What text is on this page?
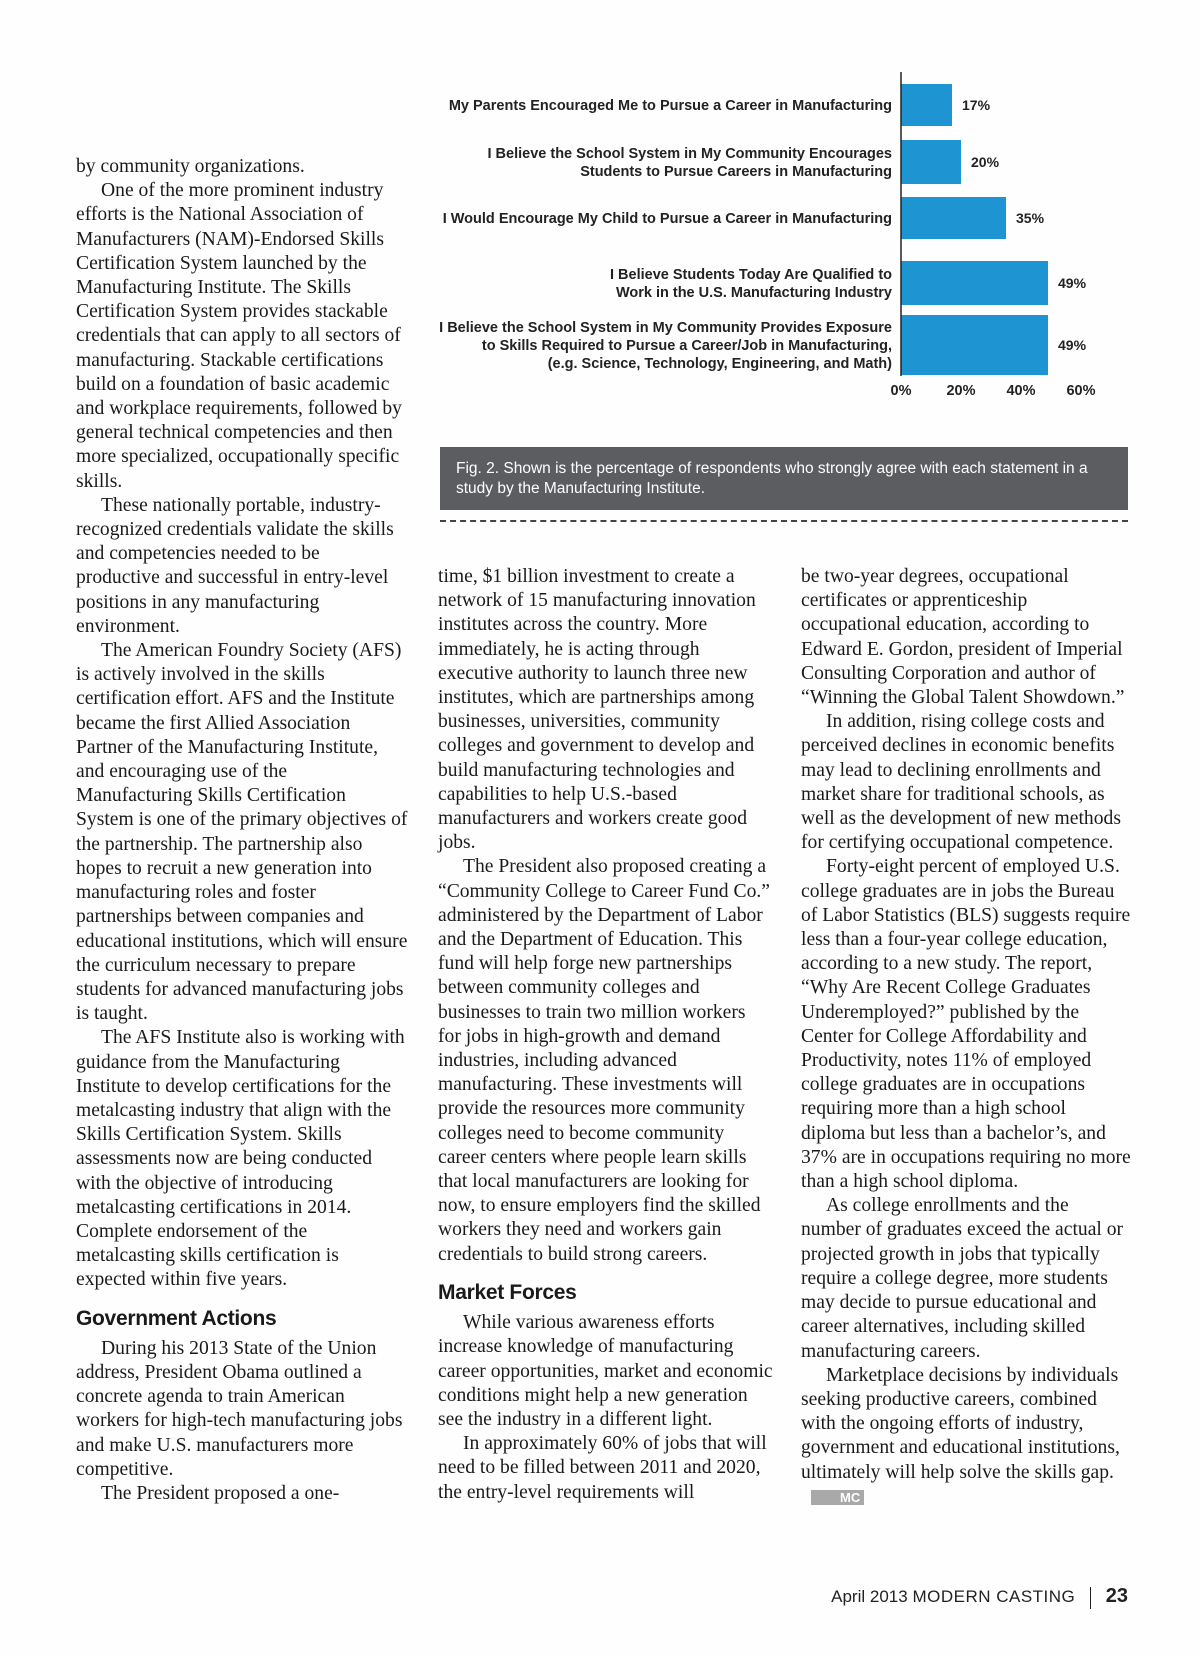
17%
My Parents Encouraged Me to Pursue a Career in Manufacturing
20%
I Believe the School System in My Community Encourages
Students to Pursue Careers in Manufacturing
35%
I Would Encourage My Child to Pursue a Career in Manufacturing
49%
I Believe Students Today Are Qualified to
Work in the U.S. Manufacturing Industry
49%
I Believe the School System in My Community Provides Exposure
to Skills Required to Pursue a Career/Job in Manufacturing,
(e.g. Science, Technology, Engineering, and Math)
0% 20% 40% 60%
Fig. 2. Shown is the percentage of respondents who strongly agree with each statement in a study by the Manufacturing Institute.

by community organizations.

One of the more prominent industry efforts is the National Association of Manufacturers (NAM)-Endorsed Skills Certification System launched by the Manufacturing Institute. The Skills Certification System provides stackable credentials that can apply to all sectors of manufacturing. Stackable certifications build on a foundation of basic academic and workplace requirements, followed by general technical competencies and then more specialized, occupationally specific skills.

These nationally portable, industry-recognized credentials validate the skills and competencies needed to be productive and successful in entry-level positions in any manufacturing environment.

The American Foundry Society (AFS) is actively involved in the skills certification effort. AFS and the Institute became the first Allied Association Partner of the Manufacturing Institute, and encouraging use of the Manufacturing Skills Certification System is one of the primary objectives of the partnership. The partnership also hopes to recruit a new generation into manufacturing roles and foster partnerships between companies and educational institutions, which will ensure the curriculum necessary to prepare students for advanced manufacturing jobs is taught.

The AFS Institute also is working with guidance from the Manufacturing Institute to develop certifications for the metalcasting industry that align with the Skills Certification System. Skills assessments now are being conducted with the objective of introducing metalcasting certifications in 2014. Complete endorsement of the metalcasting skills certification is expected within five years.

Government Actions

During his 2013 State of the Union address, President Obama outlined a concrete agenda to train American workers for high-tech manufacturing jobs and make U.S. manufacturers more competitive.

The President proposed a one-

time, $1 billion investment to create a network of 15 manufacturing innovation institutes across the country. More immediately, he is acting through executive authority to launch three new institutes, which are partnerships among businesses, universities, community colleges and government to develop and build manufacturing technologies and capabilities to help U.S.-based manufacturers and workers create good jobs.

The President also proposed creating a “Community College to Career Fund Co.” administered by the Department of Labor and the Department of Education. This fund will help forge new partnerships between community colleges and businesses to train two million workers for jobs in high-growth and demand industries, including advanced manufacturing. These investments will provide the resources more community colleges need to become community career centers where people learn skills that local manufacturers are looking for now, to ensure employers find the skilled workers they need and workers gain credentials to build strong careers.

Market Forces

While various awareness efforts increase knowledge of manufacturing career opportunities, market and economic conditions might help a new generation see the industry in a different light.

In approximately 60% of jobs that will need to be filled between 2011 and 2020, the entry-level requirements will

be two-year degrees, occupational certificates or apprenticeship occupational education, according to Edward E. Gordon, president of Imperial Consulting Corporation and author of “Winning the Global Talent Showdown.”

In addition, rising college costs and perceived declines in economic benefits may lead to declining enrollments and market share for traditional schools, as well as the development of new methods for certifying occupational competence.

Forty-eight percent of employed U.S. college graduates are in jobs the Bureau of Labor Statistics (BLS) suggests require less than a four-year college education, according to a new study. The report, “Why Are Recent College Graduates Underemployed?” published by the Center for College Affordability and Productivity, notes 11% of employed college graduates are in occupations requiring more than a high school diploma but less than a bachelor’s, and 37% are in occupations requiring no more than a high school diploma.

As college enrollments and the number of graduates exceed the actual or projected growth in jobs that typically require a college degree, more students may decide to pursue educational and career alternatives, including skilled manufacturing careers.

Marketplace decisions by individuals seeking productive careers, combined with the ongoing efforts of industry, government and educational institutions, ultimately will help solve the skills gap.MC

April 2013 MODERN CASTING 23
